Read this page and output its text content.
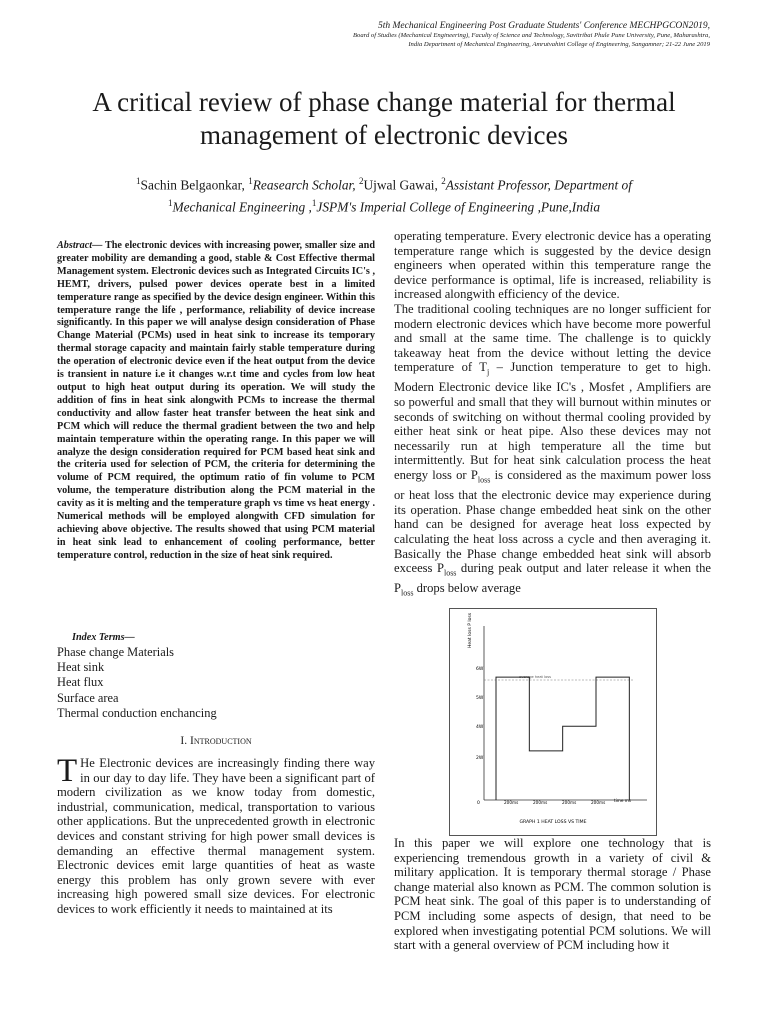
5th Mechanical Engineering Post Graduate Students' Conference MECHPGCON2019,
Board of Studies (Mechanical Engineering), Faculty of Science and Technology, Savitribai Phule Pune University, Pune, Maharashtra,
India Department of Mechanical Engineering, Amrutvahini College of Engineering, Sangamner; 21-22 June 2019
A critical review of phase change material for thermal management of electronic devices
$^1$Sachin Belgaonkar, $^1$Reasearch Scholar, $^2$Ujwal Gawai, $^2$Assistant Professor, Department of
$^1$Mechanical Engineering ,$^1$JSPM's Imperial College of Engineering ,Pune,India
Abstract— The electronic devices with increasing power, smaller size and greater mobility are demanding a good, stable & Cost Effective thermal Management system. Electronic devices such as Integrated Circuits IC's , HEMT, drivers, pulsed power devices operate best in a limited temperature range as specified by the device design engineer. Within this temperature range the life , performance, reliability of device increase significantly. In this paper we will analyse design consideration of Phase Change Material (PCMs) used in heat sink to increase its temporary thermal storage capacity and maintain fairly stable temperature during the operation of electronic device even if the heat output from the device is transient in nature i.e it changes w.r.t time and cycles from low heat output to high heat output during its operation. We will study the addition of fins in heat sink alongwith PCMs to increase the thermal conductivity and allow faster heat transfer between the heat sink and PCM which will reduce the thermal gradient between the two and help maintain temperature within the operating range. In this paper we will analyze the design consideration required for PCM based heat sink and the criteria used for selection of PCM, the criteria for determining the volume of PCM required, the optimum ratio of fin volume to PCM volume, the temperature distribution along the PCM material in the cavity as it is melting and the temperature graph vs time vs heat energy . Numerical methods will be employed alongwith CFD simulation for achieving above objective. The results showed that using PCM material in heat sink lead to enhancement of cooling performance, better temperature control, reduction in the size of heat sink required.
Index Terms—
Phase change Materials
Heat sink
Heat flux
Surface area
Thermal conduction enchancing
I. Introduction
T He Electronic devices are increasingly finding there way in our day to day life. They have been a significant part of modern civilization as we know today from domestic, industrial, communication, medical, transportation to various other applications. But the unprecedented growth in electronic devices and constant striving for high power small devices is demanding an effective thermal management system. Electronic devices emit large quantities of heat as waste energy this problem has only grown severe with ever increasing high powered small size devices. For electronic devices to work efficiently it needs to maintained at its
operating temperature. Every electronic device has a operating temperature range which is suggested by the device design engineers when operated within this temperature range the device performance is optimal, life is increased, reliability is increased alongwith efficiency of the device.
The traditional cooling techniques are no longer sufficient for modern electronic devices which have become more powerful and small at the same time. The challenge is to quickly takeaway heat from the device without letting the device temperature of $T_j$ – Junction temperature to get to high. Modern Electronic device like IC's , Mosfet , Amplifiers are so powerful and small that they will burnout within minutes or seconds of switching on without thermal cooling provided by either heat sink or heat pipe. Also these devices may not necessarily run at high temperature all the time but intermittently. But for heat sink calculation process the heat energy loss or $P_{loss}$ is considered as the maximum power loss or heat loss that the electronic device may experience during its operation. Phase change embedded heat sink on the other hand can be designed for average heat loss expected by calculating the heat loss across a cycle and then averaging it. Basically the Phase change embedded heat sink will absorb exceess $P_{loss}$ during peak output and later release it when the $P_{loss}$ drops below average
Heat loss P loss
6W
5W
4W
2W
0	200ms	200ms	200ms	200ms time ms
average heat loss
GRAPH 1 HEAT LOSS VS TIME
In this paper we will explore one technology that is experiencing tremendous growth in a variety of civil & military application. It is temporary thermal storage / Phase change material also known as PCM. The common solution is PCM heat sink. The goal of this paper is to understanding of PCM including some aspects of design, that need to be explored when investigating potential PCM solutions. We will start with a general overview of PCM including how it
